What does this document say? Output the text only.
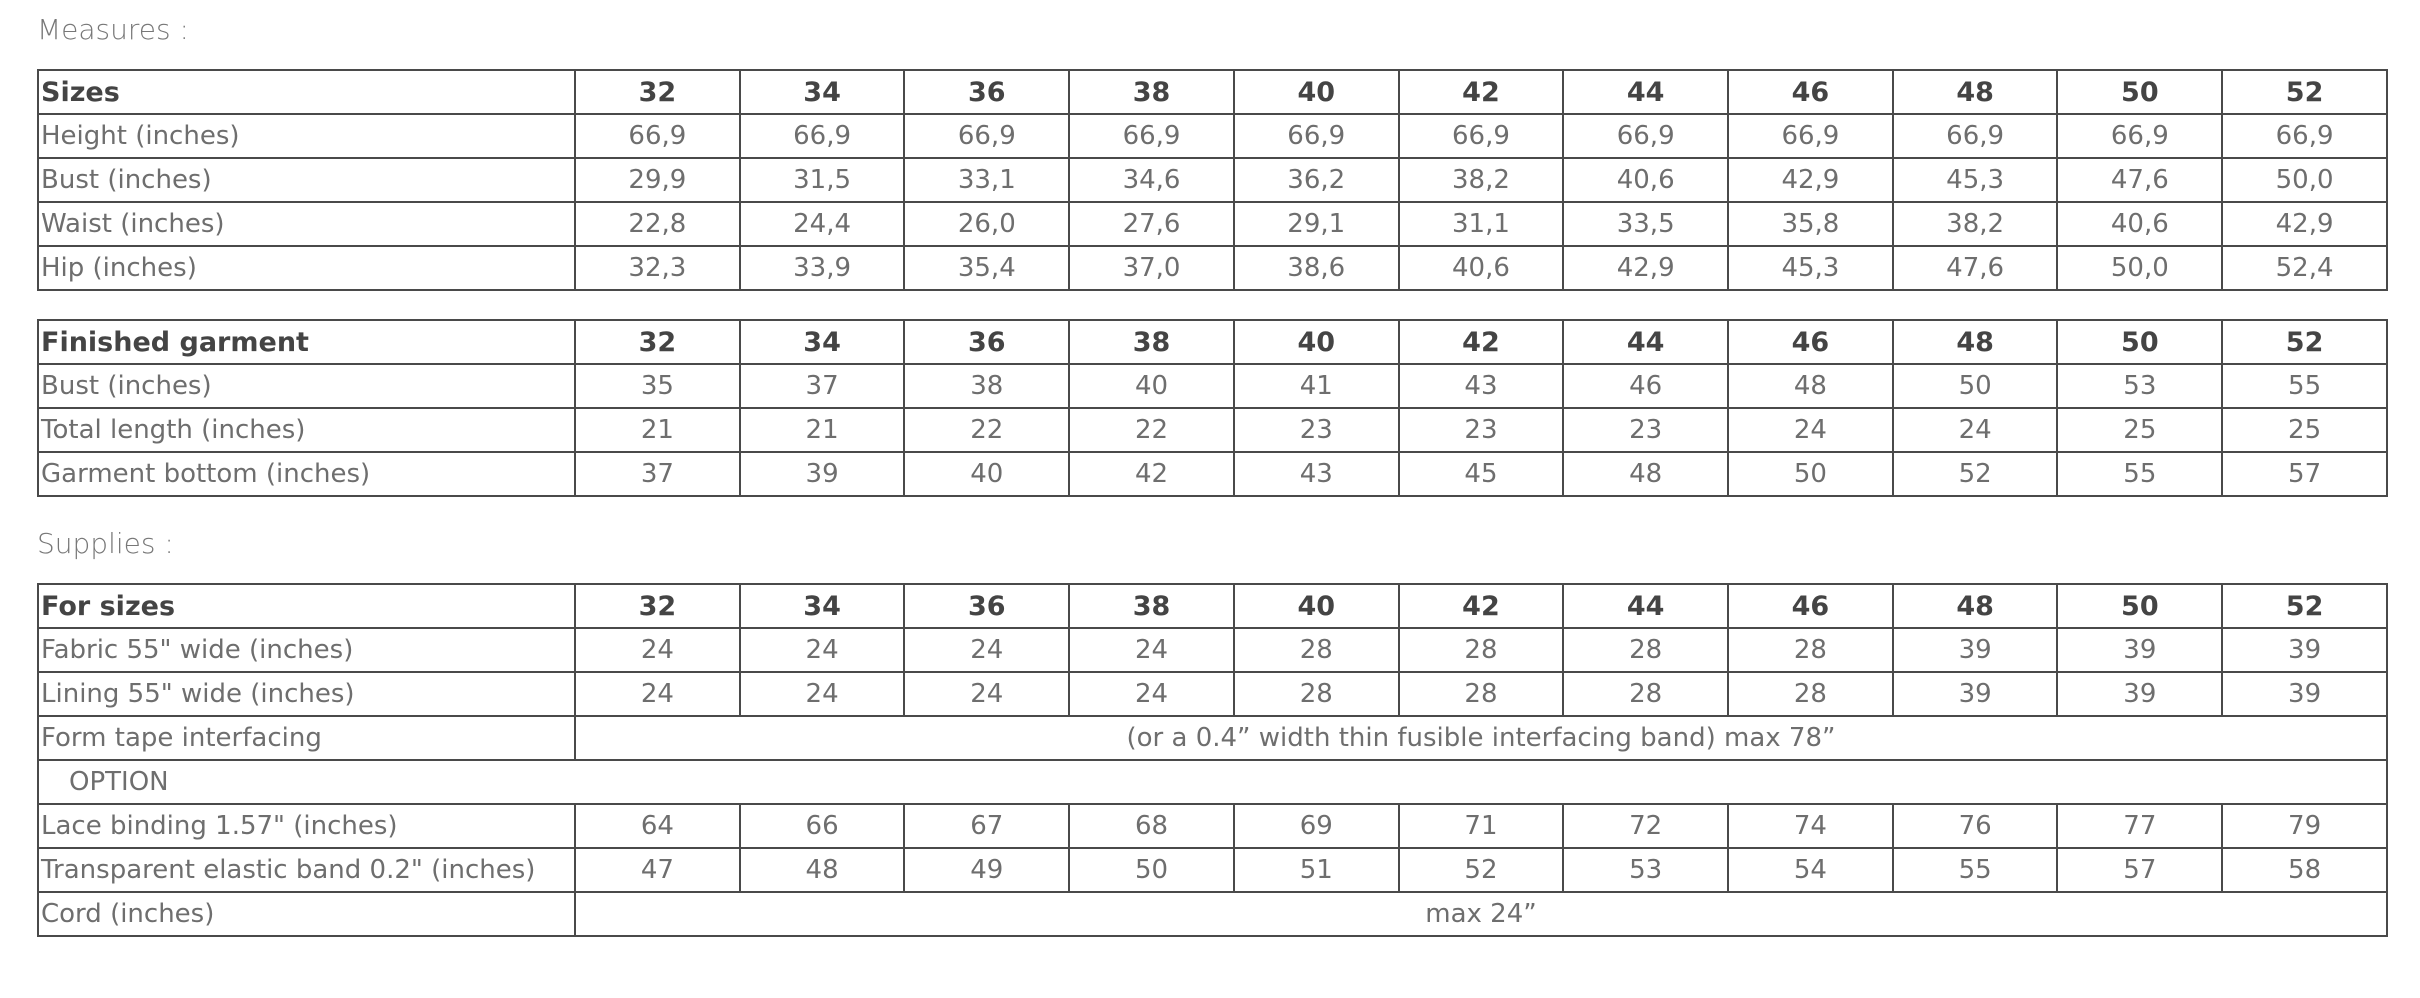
Measures :
Sizes	32	34	36	38	40	42	44	46	48	50	52
Height (inches)	66,9	66,9	66,9	66,9	66,9	66,9	66,9	66,9	66,9	66,9	66,9
Bust (inches)	29,9	31,5	33,1	34,6	36,2	38,2	40,6	42,9	45,3	47,6	50,0
Waist (inches)	22,8	24,4	26,0	27,6	29,1	31,1	33,5	35,8	38,2	40,6	42,9
Hip (inches)	32,3	33,9	35,4	37,0	38,6	40,6	42,9	45,3	47,6	50,0	52,4
Finished garment	32	34	36	38	40	42	44	46	48	50	52
Bust (inches)	35	37	38	40	41	43	46	48	50	53	55
Total length (inches)	21	21	22	22	23	23	23	24	24	25	25
Garment bottom (inches)	37	39	40	42	43	45	48	50	52	55	57
Supplies :
For sizes	32	34	36	38	40	42	44	46	48	50	52
Fabric 55" wide (inches)	24	24	24	24	28	28	28	28	39	39	39
Lining 55" wide (inches)	24	24	24	24	28	28	28	28	39	39	39
Form tape interfacing	(or a 0.4” width thin fusible interfacing band) max 78”										
OPTION											
Lace binding 1.57" (inches)	64	66	67	68	69	71	72	74	76	77	79
Transparent elastic band 0.2" (inches)	47	48	49	50	51	52	53	54	55	57	58
Cord (inches)	max 24”										
